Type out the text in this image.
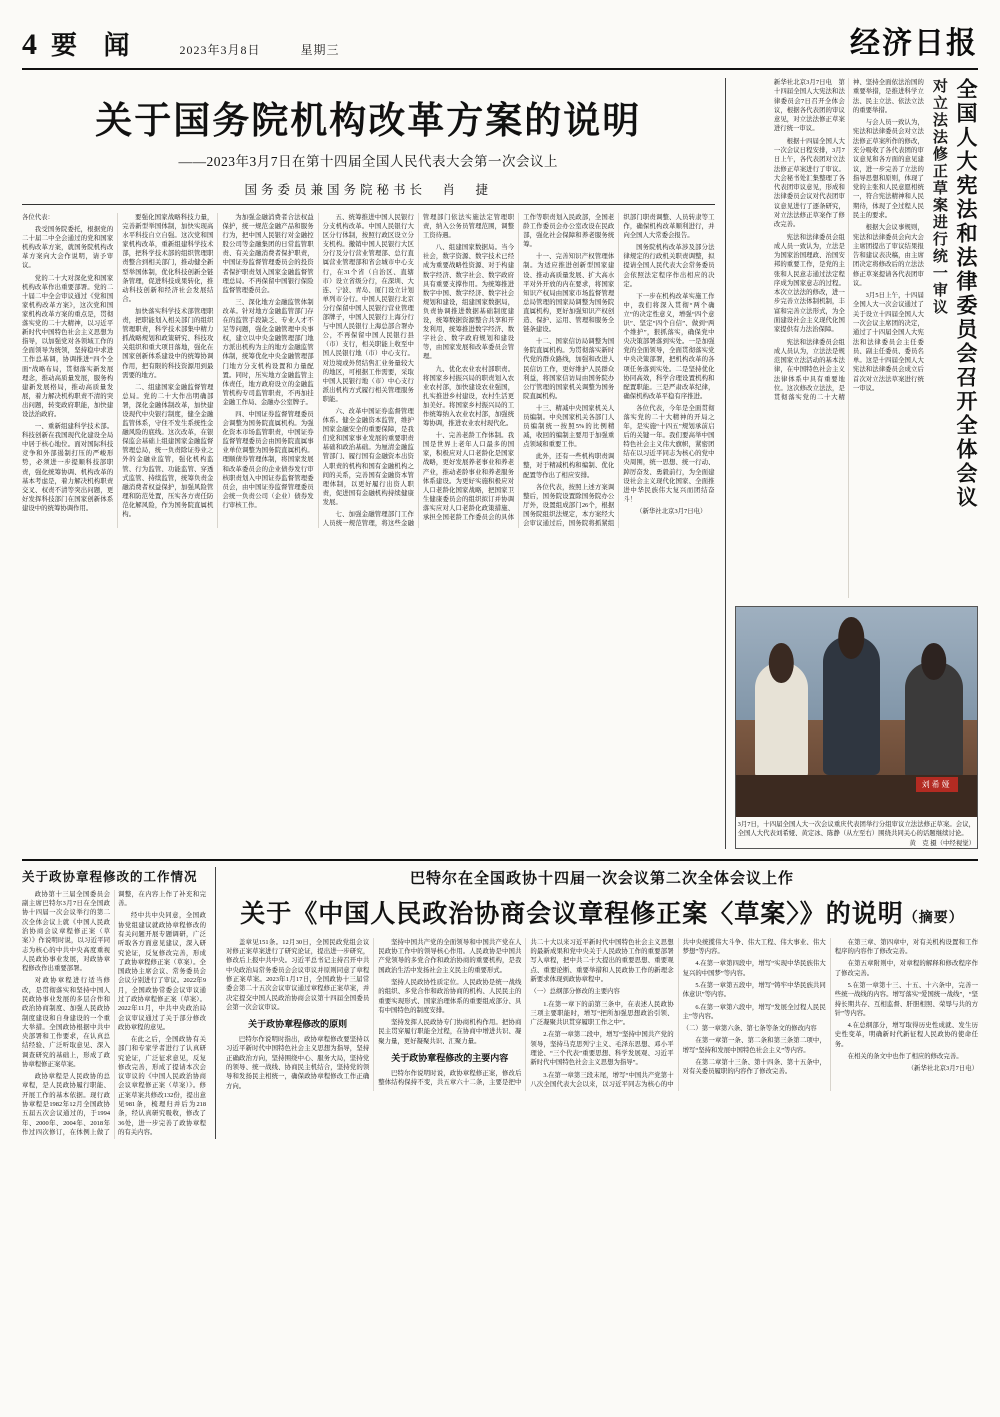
4 要 闻	2023年3月8日	星期三	经济日报
关于国务院机构改革方案的说明
——2023年3月7日在第十四届全国人民代表大会第一次会议上
国务委员兼国务院秘书长　肖　捷

各位代表：

我受国务院委托，根据党的二十届二中全会通过的党和国家机构改革方案，就国务院机构改革方案向大会作说明，请予审议。

党的二十大对深化党和国家机构改革作出重要部署。党的二十届二中全会审议通过《党和国家机构改革方案》，这次党和国家机构改革方案的重点是，贯彻落实党的二十大精神，以习近平新时代中国特色社会主义思想为指导，以加强党对各领域工作的全面领导为统领，坚持稳中求进工作总基调，协调推进“四个全面”战略布局，贯彻落实新发展理念，推动高质量发展，服务构建新发展格局，推动高质量发展，着力解决机构职责不清的突出问题，转变政府职能，加快建设法治政府。

一、重新组建科学技术部。科技创新在我国现代化建设全局中居于核心地位。面对国际科技竞争和外部遏制打压的严峻形势，必须进一步提顺科技部职责，强化统筹协调、机构改革的基本考虑是，着力解决机构职责交叉、权责不清等突出问题，更好发挥科技部门在国家创新体系建设中的统筹协调作用。

要强化国家战略科技力量，完善新型举国体制，加快实现高水平科技自立自强。这次党和国家机构改革，重新组建科学技术部，把科学技术部的组织管理职责整合到相关部门，推动健全新型举国体制，优化科技创新全链条管理，促进科技成果转化，推动科技创新和经济社会发展结合。

加快落实科学技术部管理职责，把职能划入相关部门的组织管理职责，科学技术部集中精力抓战略规划和政策研究、科技攻关组织和重大项目落地，强化在国家创新体系建设中的统筹协调作用，把有限的科技资源用到最需要的地方。

二、组建国家金融监督管理总局。党的二十大作出明确部署，深化金融体制改革，加快建设现代中央银行制度，健全金融监管体系，守住不发生系统性金融风险的底线。这次改革，在银保监会基础上组建国家金融监督管理总局，统一负责除证券业之外的金融业监管，强化机构监管、行为监管、功能监管、穿透式监管、持续监管，统筹负责金融消费者权益保护，加强风险管理和防范处置，压实各方责任防范化解风险，作为国务院直属机构。

为加强金融消费者合法权益保护，统一规范金融产品和服务行为，把中国人民银行对金融控股公司等金融集团的日常监管职责、有关金融消费者保护职责，中国证券监督管理委员会的投资者保护职责划入国家金融监督管理总局。不再保留中国银行保险监督管理委员会。

三、深化地方金融监管体制改革。针对地方金融监管部门存在的监管手段缺乏、专业人才不足等问题，强化金融管理中央事权，建立以中央金融管理部门地方派出机构为主的地方金融监管体制，统筹优化中央金融管理部门地方分支机构设置和力量配置。同时，压实地方金融监管主体责任，地方政府设立的金融监管机构专司监管职责，不再加挂金融工作局、金融办公室牌子。

四、中国证券监督管理委员会调整为国务院直属机构。为强化资本市场监管职责，中国证券监督管理委员会由国务院直属事业单位调整为国务院直属机构。理顺债券管理体制，将国家发展和改革委员会的企业债券发行审核职责划入中国证券监督管理委员会，由中国证券监督管理委员会统一负责公司（企业）债券发行审核工作。

五、统筹推进中国人民银行分支机构改革。中国人民银行大区分行体制，按照行政区设立分支机构。撤销中国人民银行大区分行及分行营业管理部、总行直属营业管理部和省会城市中心支行，在31个省（自治区、直辖市）设立省级分行，在深圳、大连、宁波、青岛、厦门设立计划单列市分行。中国人民银行北京分行保留中国人民银行营业管理部牌子，中国人民银行上海分行与中国人民银行上海总部合署办公，不再保留中国人民银行县（市）支行，相关职能上收至中国人民银行地（市）中心支行。对边境或外贸结售汇业务量较大的地区，可根据工作需要，采取中国人民银行地（市）中心支行派出机构方式履行相关管理服务职能。

六、改革中国证券监督管理体系。健全金融资本监管，维护国家金融安全的重要保障，是我们党和国家事业发展的重要职责基础和政治基础。为厘清金融监管部门、履行国有金融资本出资人职责的机构和国有金融机构之间的关系，完善国有金融资本管理体制，以更好履行出资人职责，促进国有金融机构持续健康发展。

七、加强金融管理部门工作人员统一规范管理，将这些金融管理部门依法实施法定管理职责，纳入公务员管理范围，调整工资待遇。

八、组建国家数据局。当今社会，数字资源、数字技术已经成为重要战略性资源、对于构建数字经济、数字社会、数字政府具有重要支撑作用。为统筹推进数字中国、数字经济、数字社会规划和建设，组建国家数据局，负责协调推进数据基础制度建设，统筹数据资源整合共享和开发利用，统筹推进数字经济、数字社会、数字政府规划和建设等，由国家发展和改革委员会管理。

九、优化农业农村部职责。将国家乡村振兴局的职责划入农业农村部，加快建设农业强国，扎实推进乡村建设，农村生活更加美好。将国家乡村振兴局的工作统筹纳入农业农村部，加强统筹协调，推进农业农村现代化。

十、完善老龄工作体制。我国是世界上老年人口最多的国家，积极应对人口老龄化是国家战略，更好发展养老事业和养老产业，推动老龄事业和养老服务体系建设。为更好实施积极应对人口老龄化国家战略，把国家卫生健康委员会的组织拟订并协调落实应对人口老龄化政策措施、承担全国老龄工作委员会的具体工作等职责划入民政部，全国老龄工作委员会办公室改设在民政部，强化社会保障和养老服务统筹。

十一、完善知识产权管理体制。为适应推进创新型国家建设、推动高质量发展、扩大高水平对外开放的内在要求，将国家知识产权局由国家市场监督管理总局管理的国家局调整为国务院直属机构，更好加强知识产权创造、保护、运用、管理和服务全链条建设。

十二、国家信访局调整为国务院直属机构。为贯彻落实新时代党的群众路线，加强和改进人民信访工作，更好维护人民群众利益，将国家信访局由国务院办公厅管理的国家机关调整为国务院直属机构。

十三、精减中央国家机关人员编制。中央国家机关各部门人员编制统一按照5%的比例精减，收回的编制主要用于加强重点领域和重要工作。

此外，还有一些机构职责调整，对于精减机构和编制、优化配置等作出了相应安排。

各位代表，按照上述方案调整后，国务院设置除国务院办公厅外，设置组成部门26个，根据国务院组织法规定，本方案经大会审议通过后，国务院将抓紧组织部门职责调整、人员转隶等工作，确保机构改革顺利进行，并向全国人大常委会报告。

国务院机构改革涉及部分法律规定的行政机关职责调整，拟提请全国人民代表大会常务委员会依照法定程序作出相应的决定。

下一步在机构改革实施工作中，我们将深入贯彻“两个确立”的决定性意义，增强“四个意识”、坚定“四个自信”、做到“两个维护”，狠抓落实，确保党中央决策部署落到实处。一是加强党的全面领导，全面贯彻落实党中央决策部署，把机构改革的各项任务落到实处。二是坚持优化协同高效，科学合理设置机构和配置职能。三是严肃改革纪律，确保机构改革平稳有序推进。

各位代表，今年是全面贯彻落实党的二十大精神的开局之年，是实施“十四五”规划承前启后的关键一年。我们要高举中国特色社会主义伟大旗帜，紧密团结在以习近平同志为核心的党中央周围，统一思想、统一行动、踔厉奋发、勇毅前行，为全面建设社会主义现代化国家、全面推进中华民族伟大复兴而团结奋斗！

（新华社北京3月7日电）

全国人大宪法和法律委员会召开全体会议
对立法法修正草案进行统一审议

新华社北京3月7日电　第十四届全国人大宪法和法律委员会7日召开全体会议，根据各代表团的审议意见，对立法法修正草案进行统一审议。

根据十四届全国人大一次会议日程安排，3月7日上午，各代表团对立法法修正草案进行了审议。大会秘书处汇集整理了各代表团审议意见，形成和法律委员会议对代表团审议意见进行了逐条研究，对立法法修正草案作了修改完善。

宪法和法律委员会组成人员一致认为，立法是为国家治国理政、治国安邦的重要工作，是党的主张和人民意志通过法定程序成为国家意志的过程。本次立法法的修改，进一步完善立法体制机制，丰富和完善立法形式，为全面建设社会主义现代化国家提供有力法治保障。

宪法和法律委员会组成人员认为，立法法是规范国家立法活动的基本法律，在中国特色社会主义法律体系中具有重要地位。这次修改立法法，是贯彻落实党的二十大精神、坚持全面依法治国的重要举措，是推进科学立法、民主立法、依法立法的重要举措。

与会人员一致认为，宪法和法律委员会对立法法修正草案所作的修改，充分吸收了各代表团的审议意见和各方面的意见建议，进一步完善了立法的指导思想和原则，体现了党的主张和人民意愿相统一，符合宪法精神和人民期待，体现了全过程人民民主的要求。

根据大会议事规则，宪法和法律委员会向大会主席团提出了审议结果报告和建议表决稿，由主席团决定将修改后的立法法修正草案提请各代表团审议。

3月5日上午，十四届全国人大一次会议通过了关于设立十四届全国人大一次会议主席团的决定，通过了十四届全国人大宪法和法律委员会主任委员、副主任委员、委员名单。这是十四届全国人大宪法和法律委员会成立后首次对立法法草案进行统一审议。

刘希娅
3月7日，十四届全国人大一次会议重庆代表团举行分组审议立法法修正草案。会议，全国人大代表刘希娅、黄定冰、陈静（从左至右）围绕共同关心的话题继续讨论。
黄　克 摄（中经视觉）
关于政协章程修改的工作情况

政协第十三届全国委员会副主席巴特尔3月7日在全国政协十四届一次会议举行的第二次全体会议上就《中国人民政治协商会议章程修正案（草案）》作说明时说，以习近平同志为核心的中共中央高度重视人民政协事业发展，对政协章程修改作出重要部署。

对政协章程进行适当修改，是贯彻落实和坚持中国人民政协事业发展的多层合作和政治协商制度、加强人民政协制度建设和自身建设的一个重大举措。全国政协根据中共中央部署和工作要求，在认真总结经验、广泛听取意见、深入调查研究的基础上，形成了政协章程修正案草案。

政协章程是人民政协的总章程，是人民政协履行职能、开展工作的基本依据。现行政协章程是1982年12月全国政协五届五次会议通过的，于1994年、2000年、2004年、2018年作过四次修订，在体例上做了调整，在内容上作了补充和完善。

经中共中央同意，全国政协党组建议就政协章程修改的有关问题开展专题调研，广泛听取各方面意见建议，深入研究论证，反复修改完善，形成了政协章程修正案（草案）。全国政协主席会议、常务委员会会议分别进行了审议。2022年9月，全国政协常委会议审议通过了政协章程修正案（草案）。2022年11月，中共中央政治局会议审议通过了关于部分修改政协章程的意见。

在此之后，全国政协有关部门和专家学者进行了认真研究论证，广泛征求意见，反复修改完善，形成了提请本次会议审议的《中国人民政治协商会议章程修正案（草案）》。修正案草案共修改132份，提出意见981条，梳理归并后为218条，经认真研究吸收，修改了36处，进一步完善了政协章程的有关内容。

巴特尔在全国政协十四届一次会议第二次全体会议上作
关于《中国人民政治协商会议章程修正案〈草案〉》的说明（摘要）

盖章见151条。12月30日，全国民政党组会议对修正案草案进行了研究论证，提出进一步研究，修改后上报中共中央。习近平总书记主持召开中共中央政治局常务委员会会议审议并原则同意了章程修正案草案。2023年1月17日，全国政协十三届常委会第二十五次会议审议通过章程修正案草案，并决定提交中国人民政治协商会议第十四届全国委员会第一次会议审议。

关于政协章程修改的原则

巴特尔作说明时指出，政协章程修改要坚持以习近平新时代中国特色社会主义思想为指导，坚持正确政治方向，坚持围绕中心、服务大局，坚持党的领导、统一战线、协商民主机结合，坚持党的领导和发扬民主相统一，确保政协章程修改工作正确方向。

坚持中国共产党的全面领导和中国共产党在人民政协工作中的领导核心作用。人民政协是中国共产党领导的多党合作和政治协商的重要机构，是我国政治生活中发扬社会主义民主的重要形式。

坚持人民政协性质定位。人民政协是统一战线的组织、多党合作和政治协商的机构、人民民主的重要实现形式、国家治理体系的重要组成部分、具有中国特色的制度安排。

坚持发挥人民政协专门协商机构作用。把协商民主贯穿履行职能全过程，在协商中增进共识、凝聚力量，更好凝聚共识、汇聚力量。

关于政协章程修改的主要内容

巴特尔作说明时说，政协章程修正案，修改后整体结构保持不变，共五章六十二条，主要是把中共二十大以来习近平新时代中国特色社会主义思想的最新成果和党中央关于人民政协工作的重要部署写入章程，把中共二十大提出的重要思想、重要观点、重要论断、重要举措和人民政协工作的新理念新要求体现到政协章程中。

（一）总纲部分修改的主要内容

1.在第一章下的前第三条中，在表述人民政协三项主要职能时，增写“把所加强思想政治引领、广泛凝聚共识贯穿履职工作之中”。

2.在第一章第二段中，增写“坚持中国共产党的领导，坚持马克思列宁主义、毛泽东思想、邓小平理论、“三个代表”重要思想、科学发展观、习近平新时代中国特色社会主义思想为指导”。

3.在第一章第三段末尾，增写“中国共产党第十八次全国代表大会以来，以习近平同志为核心的中共中央统揽伟大斗争、伟大工程、伟大事业、伟大梦想”等内容。

4.在第一章第四段中，增写“实现中华民族伟大复兴的中国梦”等内容。

5.在第一章第五段中，增写“铸牢中华民族共同体意识”等内容。

6.在第一章第六段中，增写“发展全过程人民民主”等内容。

（二）第一章第六条、第七条等条文的修改内容

在第一章第一条、第二条和第三条第二项中，增写“坚持和发展中国特色社会主义”等内容。

在第二章第十三条、第十四条、第十五条中，对有关委员履职的内容作了修改完善。

在第三章、第四章中，对有关机构设置和工作程序的内容作了修改完善。

在第五章附则中，对章程的解释和修改程序作了修改完善。

5.在第一章第十三、十五、十六条中，完善一些统一战线的内容。增写落实“爱国统一战线”，“坚持长期共存、互相监督、肝胆相照、荣辱与共的方针”等内容。

4.在总纲部分，增写取得历史性成就、发生历史性变革，明确新时代新征程人民政协的使命任务。

在相关的条文中也作了相应的修改完善。

（新华社北京3月7日电）
